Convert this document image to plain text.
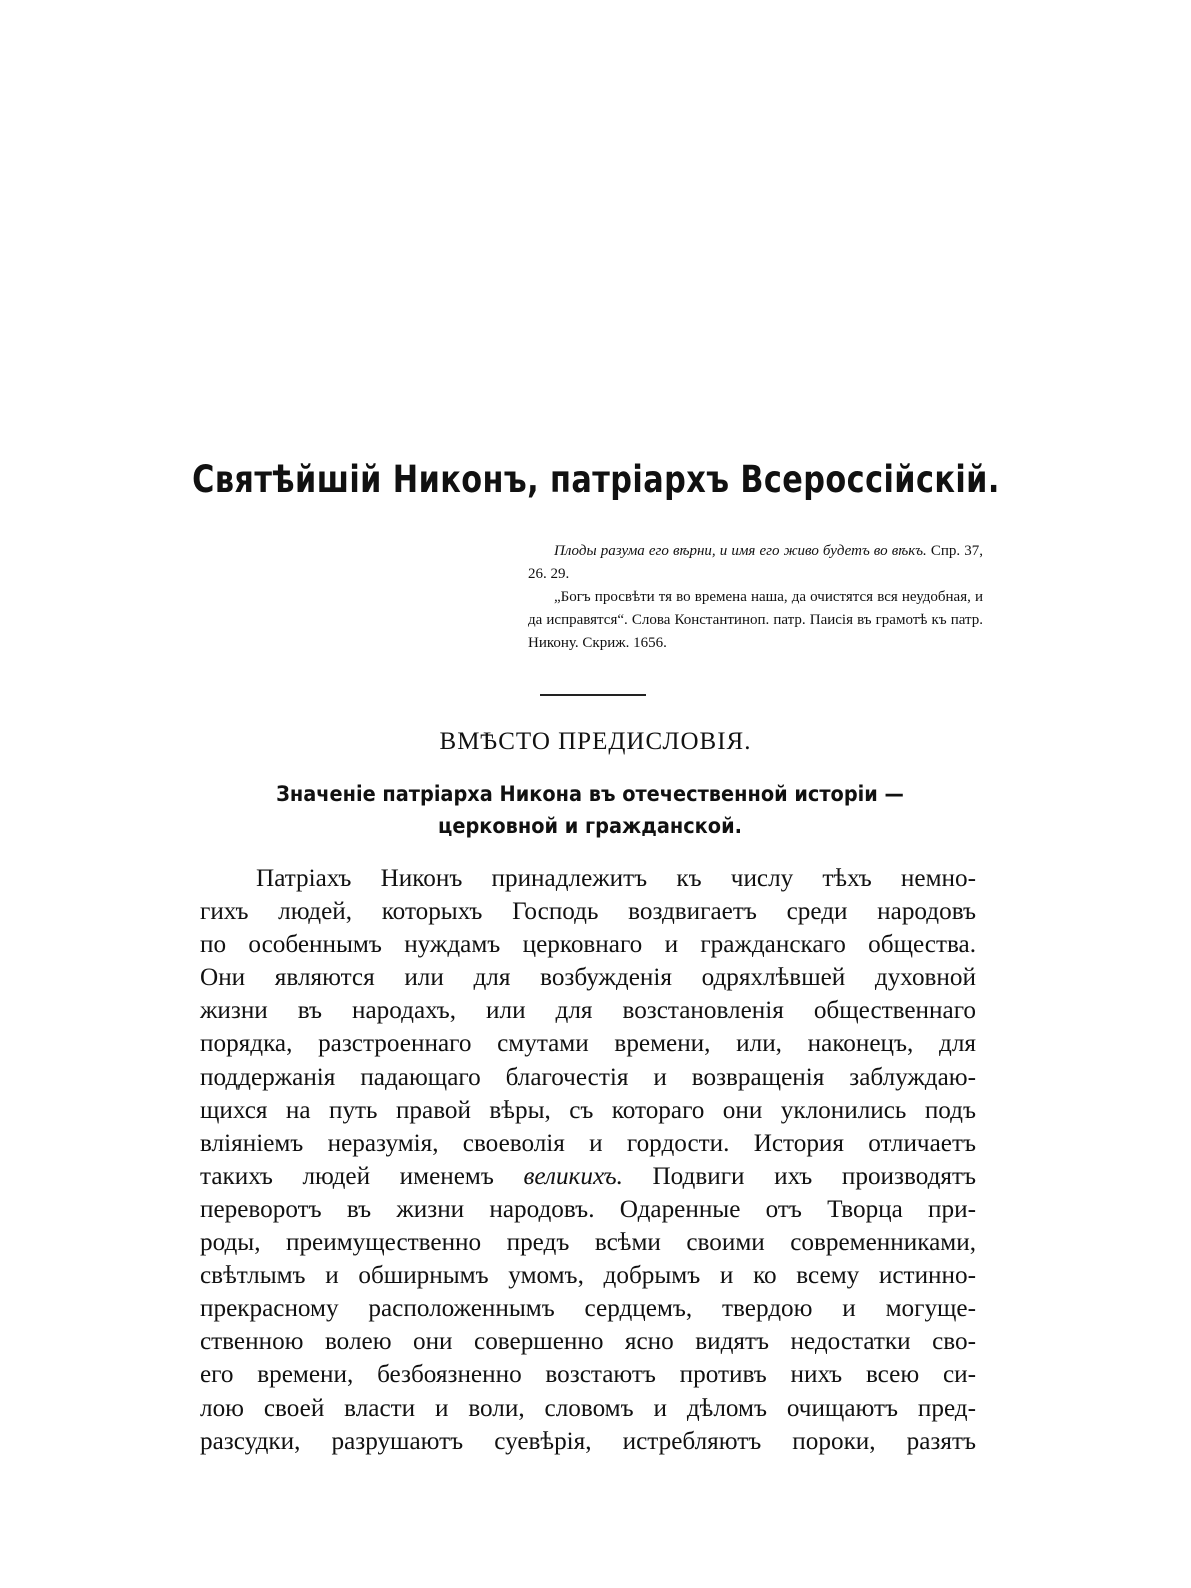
Святѣйшій Никонъ, патріархъ Всероссійскій.

Плоды разума его вѣрни, и имя его живо будетъ во вѣкъ. Спр. 37, 26. 29.

„Богъ просвѣти тя во времена наша, да очистятся вся неудобная, и да исправятся“. Слова Константиноп. патр. Паисія въ грамотѣ къ патр. Никону. Скриж. 1656.

ВМѢСТО ПРЕДИСЛОВІЯ.
Значеніе патріарха Никона въ отечественной исторіи — церковной и гражданской.
Патріахъ Никонъ принадлежитъ къ числу тѣхъ немно-
гихъ людей, которыхъ Господь воздвигаетъ среди народовъ
по особеннымъ нуждамъ церковнаго и гражданскаго общества.
Они являются или для возбужденія одряхлѣвшей духовной
жизни въ народахъ, или для возстановленія общественнаго
порядка, разстроеннаго смутами времени, или, наконецъ, для
поддержанія падающаго благочестія и возвращенія заблуждаю-
щихся на путь правой вѣры, съ котораго они уклонились подъ
вліяніемъ неразумія, своеволія и гордости. История отличаетъ
такихъ людей именемъ великихъ. Подвиги ихъ производятъ
переворотъ въ жизни народовъ. Одаренные отъ Творца при-
роды, преимущественно предъ всѣми своими современниками,
свѣтлымъ и обширнымъ умомъ, добрымъ и ко всему истинно-
прекрасному расположеннымъ сердцемъ, твердою и могуще-
ственною волею они совершенно ясно видятъ недостатки сво-
его времени, безбоязненно возстаютъ противъ нихъ всею си-
лою своей власти и воли, словомъ и дѣломъ очищаютъ пред-
разсудки, разрушаютъ суевѣрія, истребляютъ пороки, разятъ
